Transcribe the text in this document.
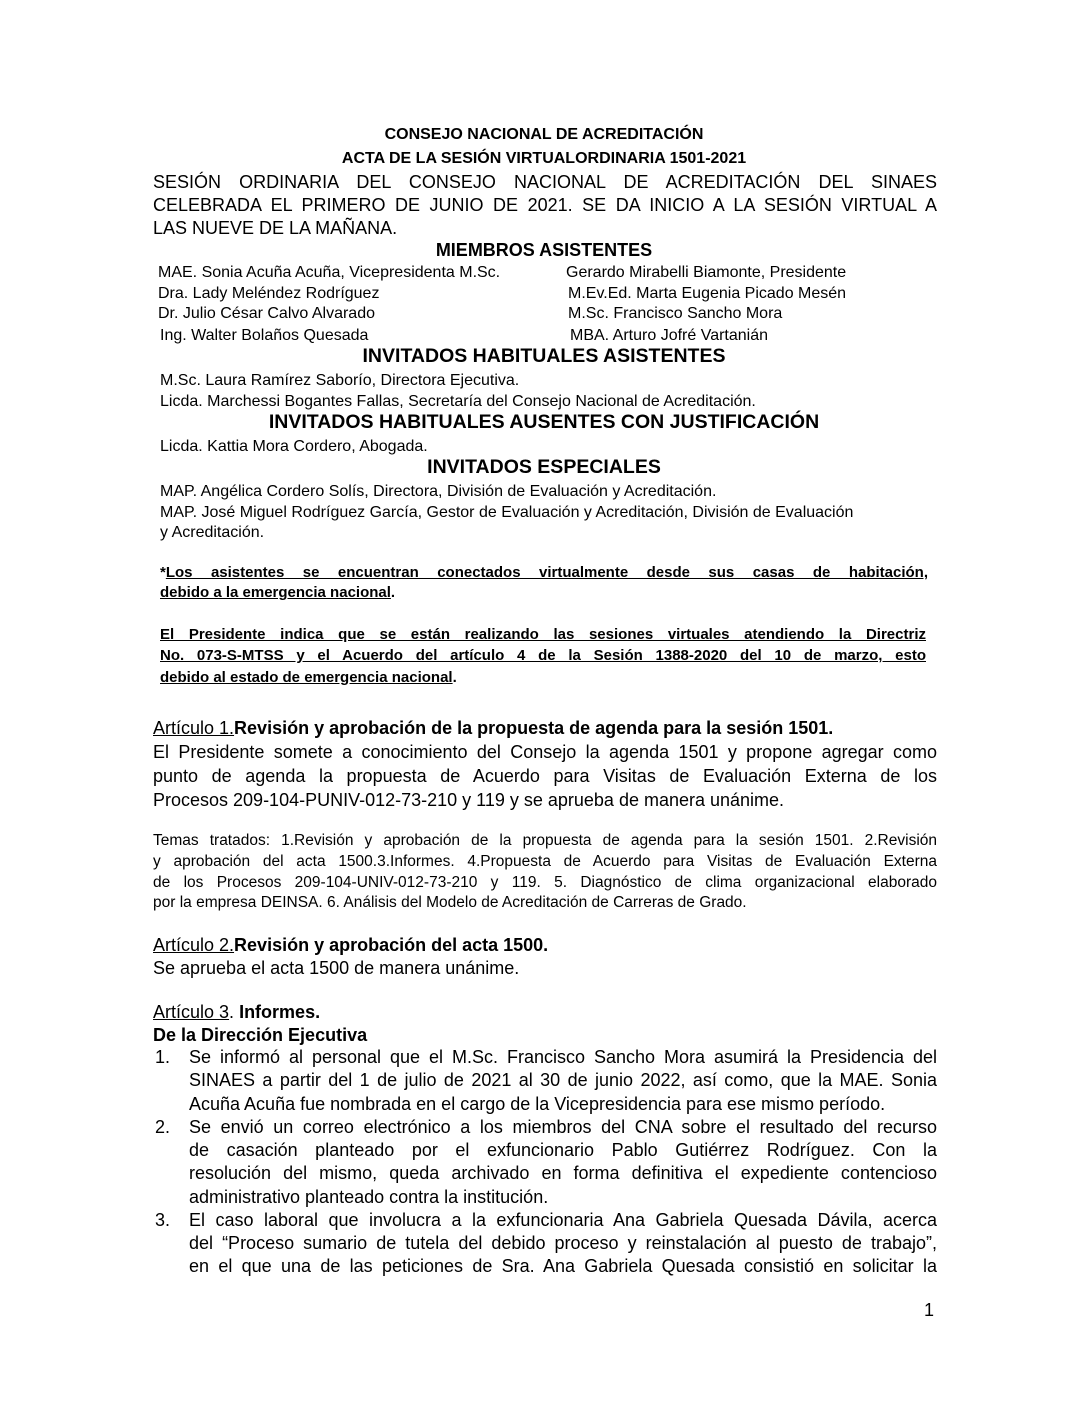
CONSEJO NACIONAL DE ACREDITACIÓN
ACTA DE LA SESIÓN VIRTUALORDINARIA 1501-2021
SESIÓN ORDINARIA DEL CONSEJO NACIONAL DE ACREDITACIÓN DEL SINAES
CELEBRADA EL PRIMERO DE JUNIO DE 2021. SE DA INICIO A LA SESIÓN VIRTUAL A
LAS NUEVE DE LA MAÑANA.
MIEMBROS ASISTENTES
MAE. Sonia Acuña Acuña, Vicepresidenta M.Sc.
Dra. Lady Meléndez Rodríguez
Dr. Julio César Calvo Alvarado
Ing. Walter Bolaños Quesada
Gerardo Mirabelli Biamonte, Presidente
M.Ev.Ed. Marta Eugenia Picado Mesén
M.Sc. Francisco Sancho Mora
MBA. Arturo Jofré Vartanián
INVITADOS HABITUALES ASISTENTES
M.Sc. Laura Ramírez Saborío, Directora Ejecutiva.
Licda. Marchessi Bogantes Fallas, Secretaría del Consejo Nacional de Acreditación.
INVITADOS HABITUALES AUSENTES CON JUSTIFICACIÓN
Licda. Kattia Mora Cordero, Abogada.
INVITADOS ESPECIALES
MAP. Angélica Cordero Solís, Directora, División de Evaluación y Acreditación.
MAP. José Miguel Rodríguez García, Gestor de Evaluación y Acreditación, División de Evaluación
y Acreditación.
*Los asistentes se encuentran conectados virtualmente desde sus casas de habitación,
debido a la emergencia nacional.
El Presidente indica que se están realizando las sesiones virtuales atendiendo la Directriz
No. 073-S-MTSS y el Acuerdo del artículo 4 de la Sesión 1388-2020 del 10 de marzo, esto
debido al estado de emergencia nacional.
Artículo 1.Revisión y aprobación de la propuesta de agenda para la sesión 1501.
El Presidente somete a conocimiento del Consejo la agenda 1501 y propone agregar como
punto de agenda la propuesta de Acuerdo para Visitas de Evaluación Externa de los
Procesos 209-104-PUNIV-012-73-210 y 119 y se aprueba de manera unánime.
Temas tratados: 1.Revisión y aprobación de la propuesta de agenda para la sesión 1501. 2.Revisión
y aprobación del acta 1500.3.Informes. 4.Propuesta de Acuerdo para Visitas de Evaluación Externa
de los Procesos 209-104-UNIV-012-73-210 y 119. 5. Diagnóstico de clima organizacional elaborado
por la empresa DEINSA. 6. Análisis del Modelo de Acreditación de Carreras de Grado.
Artículo 2.Revisión y aprobación del acta 1500.
Se aprueba el acta 1500 de manera unánime.
Artículo 3. Informes.
De la Dirección Ejecutiva
1. Se informó al personal que el M.Sc. Francisco Sancho Mora asumirá la Presidencia del
SINAES a partir del 1 de julio de 2021 al 30 de junio 2022, así como, que la MAE. Sonia
Acuña Acuña fue nombrada en el cargo de la Vicepresidencia para ese mismo período.
2. Se envió un correo electrónico a los miembros del CNA sobre el resultado del recurso
de casación planteado por el exfuncionario Pablo Gutiérrez Rodríguez. Con la
resolución del mismo, queda archivado en forma definitiva el expediente contencioso
administrativo planteado contra la institución.
3. El caso laboral que involucra a la exfuncionaria Ana Gabriela Quesada Dávila, acerca
del “Proceso sumario de tutela del debido proceso y reinstalación al puesto de trabajo”,
en el que una de las peticiones de Sra. Ana Gabriela Quesada consistió en solicitar la
1
